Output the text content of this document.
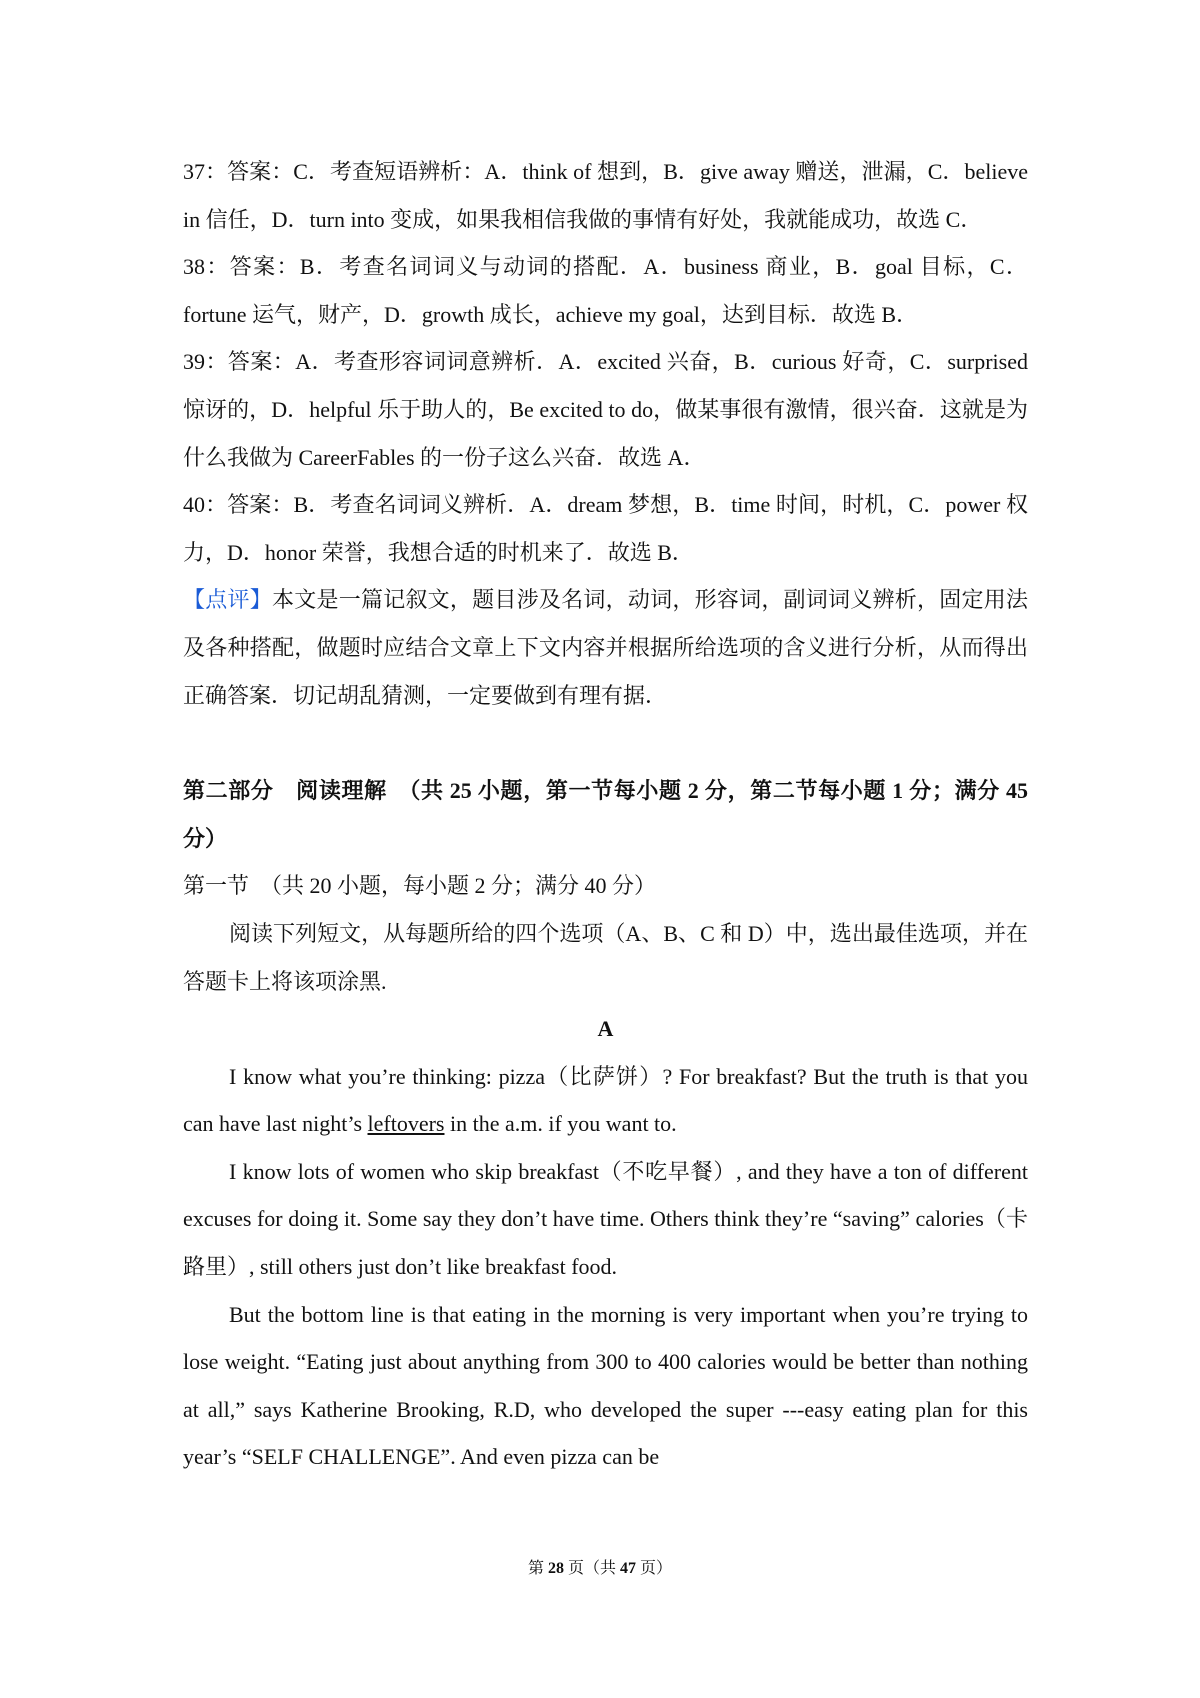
37：答案：C．考查短语辨析：A．think of 想到，B．give away 赠送，泄漏，C．believe in 信任，D．turn into 变成，如果我相信我做的事情有好处，我就能成功，故选 C．

38：答案：B．考查名词词义与动词的搭配．A．business 商业，B．goal 目标，C．fortune 运气，财产，D．growth 成长，achieve my goal，达到目标．故选 B．

39：答案：A．考查形容词词意辨析．A．excited 兴奋，B．curious 好奇，C．surprised 惊讶的，D．helpful 乐于助人的，Be excited to do，做某事很有激情，很兴奋．这就是为什么我做为 CareerFables 的一份子这么兴奋．故选 A．

40：答案：B．考查名词词义辨析．A．dream 梦想，B．time 时间，时机，C．power 权力，D．honor 荣誉，我想合适的时机来了．故选 B．

【点评】本文是一篇记叙文，题目涉及名词，动词，形容词，副词词义辨析，固定用法及各种搭配，做题时应结合文章上下文内容并根据所给选项的含义进行分析，从而得出正确答案．切记胡乱猜测，一定要做到有理有据．

第二部分　阅读理解　（共 25 小题，第一节每小题 2 分，第二节每小题 1 分；满分 45 分）

第一节　（共 20 小题，每小题 2 分；满分 40 分）

阅读下列短文，从每题所给的四个选项（A、B、C 和 D）中，选出最佳选项，并在答题卡上将该项涂黑.

A

I know what you’re thinking: pizza（比萨饼）? For breakfast? But the truth is that you can have last night’s leftovers in the a.m. if you want to.

I know lots of women who skip breakfast（不吃早餐）, and they have a ton of different excuses for doing it. Some say they don’t have time. Others think they’re “saving” calories（卡路里）, still others just don’t like breakfast food.

But the bottom line is that eating in the morning is very important when you’re trying to lose weight. “Eating just about anything from 300 to 400 calories would be better than nothing at all,” says Katherine Brooking, R.D, who developed the super ---easy eating plan for this year’s “SELF CHALLENGE”. And even pizza can be

第 28 页（共 47 页）
